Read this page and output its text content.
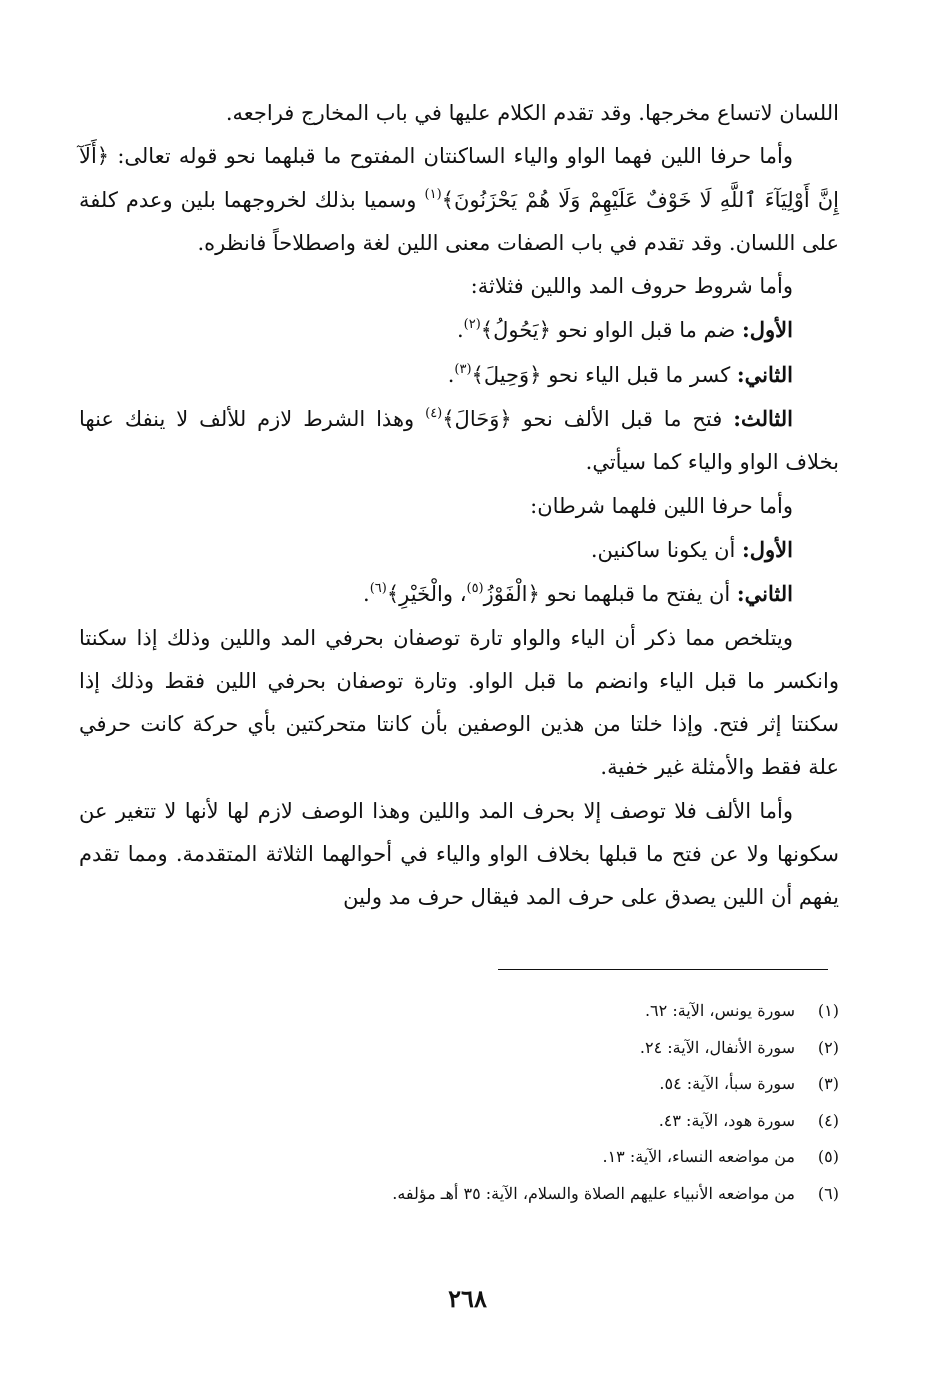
اللسان لاتساع مخرجها. وقد تقدم الكلام عليها في باب المخارج فراجعه.

وأما حرفا اللين فهما الواو والياء الساكنتان المفتوح ما قبلهما نحو قوله تعالى: ﴿أَلَآ إِنَّ أَوْلِيَآءَ ٱللَّهِ لَا خَوْفٌ عَلَيْهِمْ وَلَا هُمْ يَحْزَنُونَ﴾$^{(١)}$ وسميا بذلك لخروجهما بلين وعدم كلفة على اللسان. وقد تقدم في باب الصفات معنى اللين لغة واصطلاحاً فانظره.

وأما شروط حروف المد واللين فثلاثة:

الأول: ضم ما قبل الواو نحو ﴿يَحُولُ﴾$^{(٢)}$.

الثاني: كسر ما قبل الياء نحو ﴿وَحِيلَ﴾$^{(٣)}$.

الثالث: فتح ما قبل الألف نحو ﴿وَحَالَ﴾$^{(٤)}$ وهذا الشرط لازم للألف لا ينفك عنها بخلاف الواو والياء كما سيأتي.

وأما حرفا اللين فلهما شرطان:

الأول: أن يكونا ساكنين.

الثاني: أن يفتح ما قبلهما نحو ﴿الْفَوْزُ$^{(٥)}$، والْخَيْرِ﴾$^{(٦)}$.

ويتلخص مما ذكر أن الياء والواو تارة توصفان بحرفي المد واللين وذلك إذا سكنتا وانكسر ما قبل الياء وانضم ما قبل الواو. وتارة توصفان بحرفي اللين فقط وذلك إذا سكنتا إثر فتح. وإذا خلتا من هذين الوصفين بأن كانتا متحركتين بأي حركة كانت حرفي علة فقط والأمثلة غير خفية.

وأما الألف فلا توصف إلا بحرف المد واللين وهذا الوصف لازم لها لأنها لا تتغير عن سكونها ولا عن فتح ما قبلها بخلاف الواو والياء في أحوالهما الثلاثة المتقدمة. ومما تقدم يفهم أن اللين يصدق على حرف المد فيقال حرف مد ولين

(١)سورة يونس، الآية: ٦٢.
(٢)سورة الأنفال، الآية: ٢٤.
(٣)سورة سبأ، الآية: ٥٤.
(٤)سورة هود، الآية: ٤٣.
(٥)من مواضعه النساء، الآية: ١٣.
(٦)من مواضعه الأنبياء عليهم الصلاة والسلام، الآية: ٣٥ أهـ مؤلفه.
٢٦٨
